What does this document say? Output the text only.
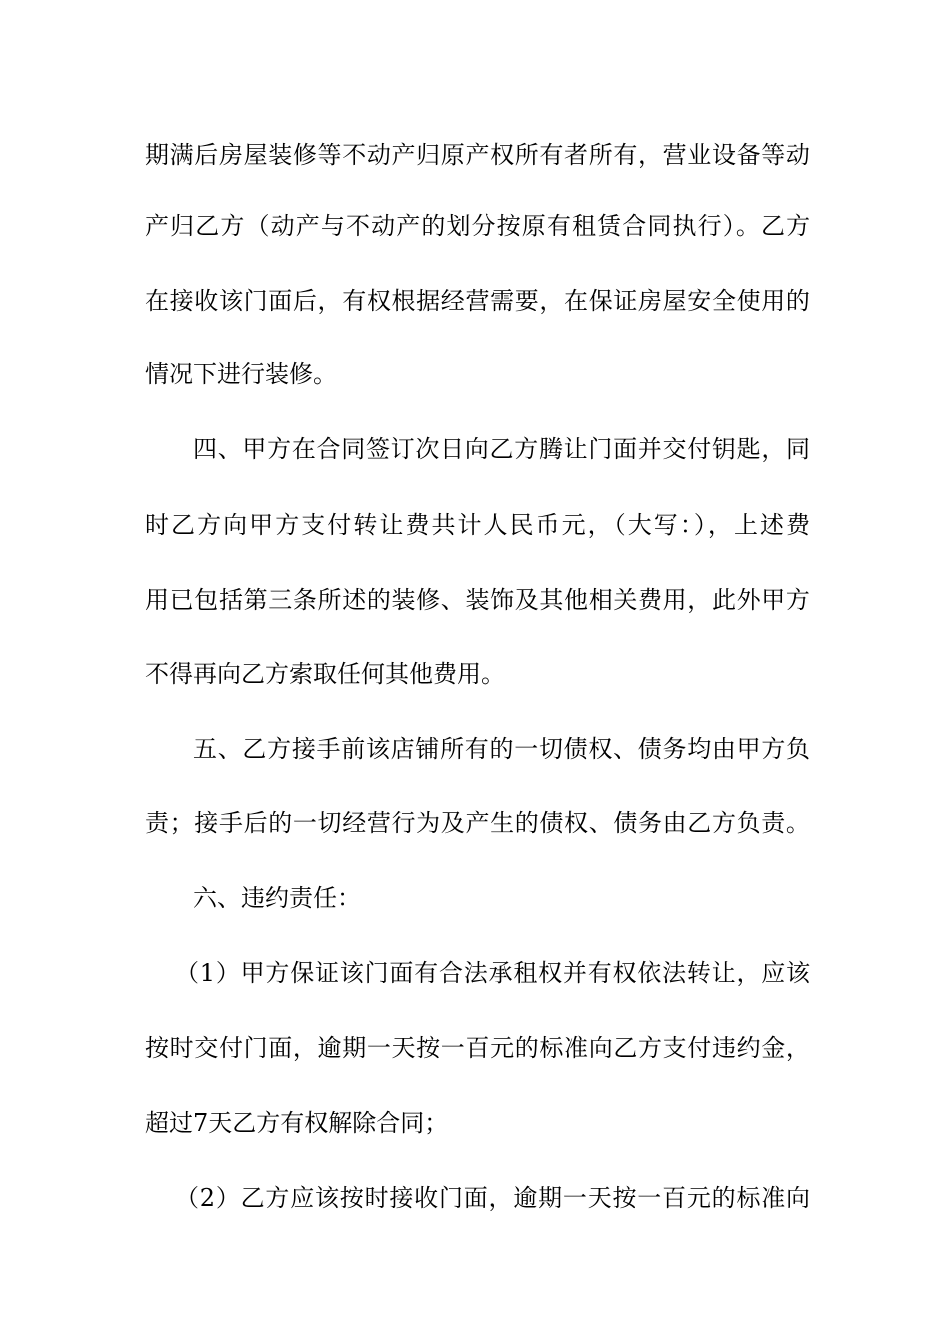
期满后房屋装修等不动产归原产权所有者所有，营业设备等动
产归乙方（动产与不动产的划分按原有租赁合同执行）。乙方
在接收该门面后，有权根据经营需要，在保证房屋安全使用的
情况下进行装修。
四、甲方在合同签订次日向乙方腾让门面并交付钥匙，同
时乙方向甲方支付转让费共计人民币元，（大写：），上述费
用已包括第三条所述的装修、装饰及其他相关费用，此外甲方
不得再向乙方索取任何其他费用。
五、乙方接手前该店铺所有的一切债权、债务均由甲方负
责；接手后的一切经营行为及产生的债权、债务由乙方负责。
六、违约责任：
（1）甲方保证该门面有合法承租权并有权依法转让，应该
按时交付门面，逾期一天按一百元的标准向乙方支付违约金，
超过7天乙方有权解除合同；
（2）乙方应该按时接收门面，逾期一天按一百元的标准向
